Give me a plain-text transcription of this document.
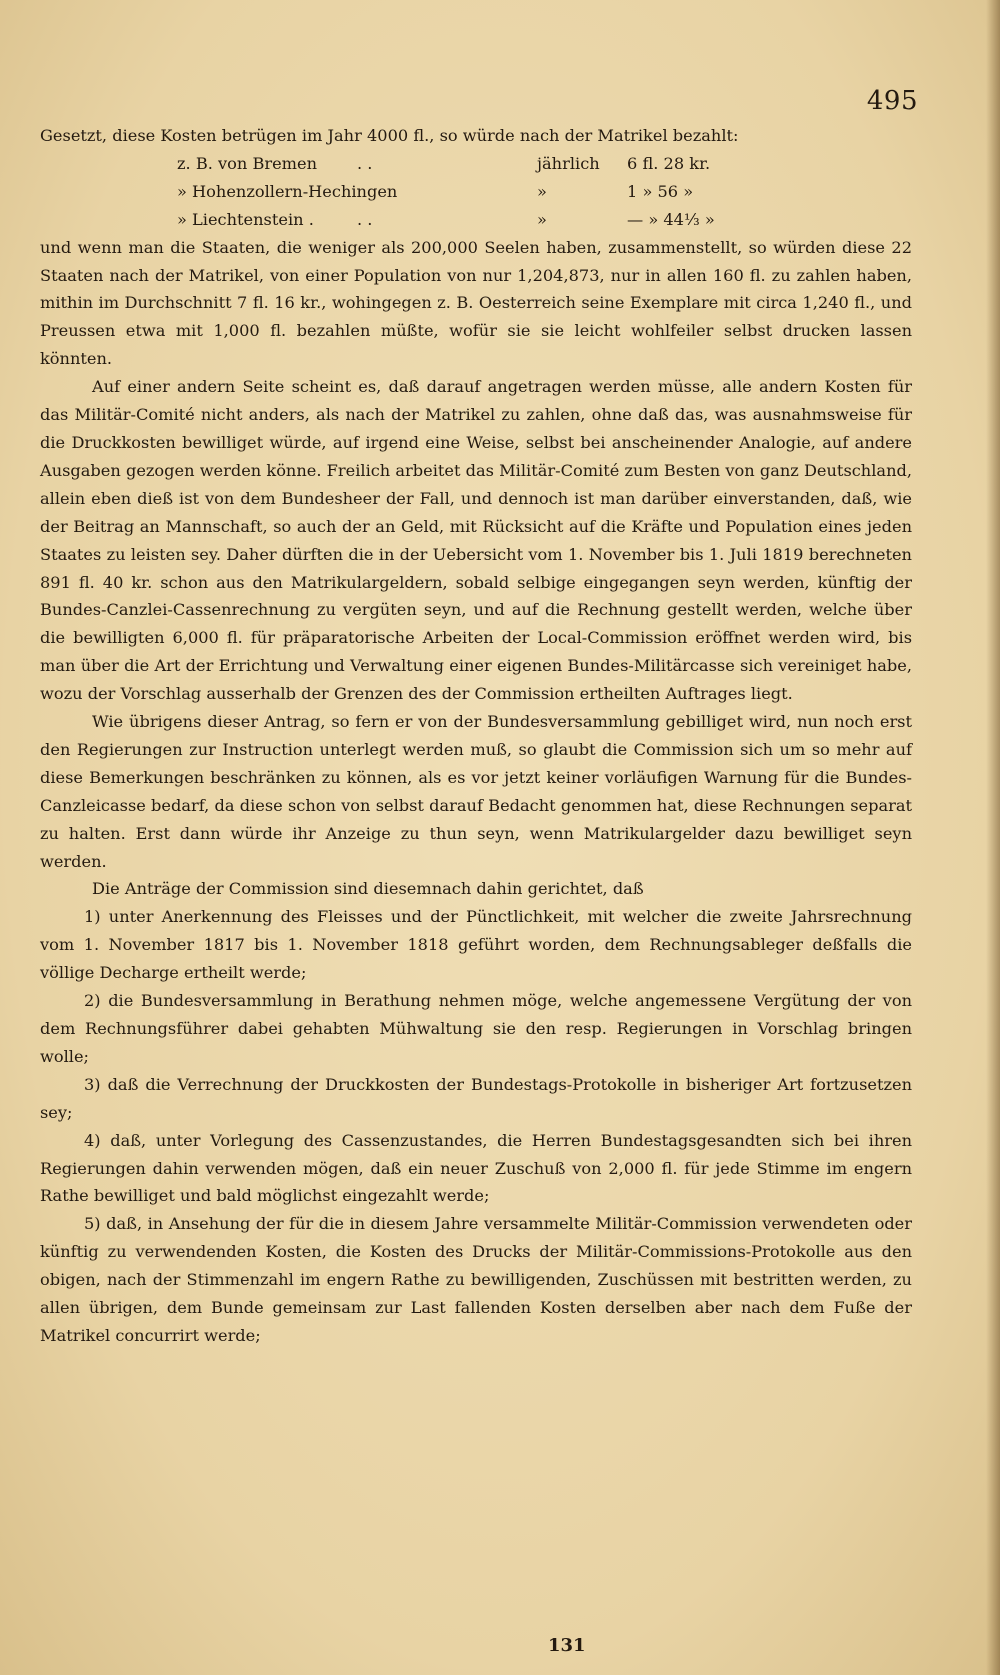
495

Gesetzt, diese Kosten betrügen im Jahr 4000 fl., so würde nach der Matrikel bezahlt:

z. B. von Bremen	. .	jährlich	6 fl. 28 kr.
» Hohenzollern-Hechingen	»	1 » 56 »
» Liechtenstein .	. .	»	— » 44⅓ »

und wenn man die Staaten, die weniger als 200,000 Seelen haben, zusammenstellt, so würden diese 22 Staaten nach der Matrikel, von einer Population von nur 1,204,873, nur in allen 160 fl. zu zahlen haben, mithin im Durchschnitt 7 fl. 16 kr., wohingegen z. B. Oesterreich seine Exemplare mit circa 1,240 fl., und Preussen etwa mit 1,000 fl. bezahlen müßte, wofür sie sie leicht wohlfeiler selbst drucken lassen könnten.

Auf einer andern Seite scheint es, daß darauf angetragen werden müsse, alle andern Kosten für das Militär-Comité nicht anders, als nach der Matrikel zu zahlen, ohne daß das, was ausnahmsweise für die Druckkosten bewilliget würde, auf irgend eine Weise, selbst bei anscheinender Analogie, auf andere Ausgaben gezogen werden könne. Freilich arbeitet das Militär-Comité zum Besten von ganz Deutschland, allein eben dieß ist von dem Bundesheer der Fall, und dennoch ist man darüber einverstanden, daß, wie der Beitrag an Mannschaft, so auch der an Geld, mit Rücksicht auf die Kräfte und Population eines jeden Staates zu leisten sey. Daher dürften die in der Uebersicht vom 1. November bis 1. Juli 1819 berechneten 891 fl. 40 kr. schon aus den Matrikulargeldern, sobald selbige eingegangen seyn werden, künftig der Bundes-Canzlei-Cassenrechnung zu vergüten seyn, und auf die Rechnung gestellt werden, welche über die bewilligten 6,000 fl. für präparatorische Arbeiten der Local-Commission eröffnet werden wird, bis man über die Art der Errichtung und Verwaltung einer eigenen Bundes-Militärcasse sich vereiniget habe, wozu der Vorschlag ausserhalb der Grenzen des der Commission ertheilten Auftrages liegt.

Wie übrigens dieser Antrag, so fern er von der Bundesversammlung gebilliget wird, nun noch erst den Regierungen zur Instruction unterlegt werden muß, so glaubt die Commission sich um so mehr auf diese Bemerkungen beschränken zu können, als es vor jetzt keiner vorläufigen Warnung für die Bundes-Canzleicasse bedarf, da diese schon von selbst darauf Bedacht genommen hat, diese Rechnungen separat zu halten. Erst dann würde ihr Anzeige zu thun seyn, wenn Matrikulargelder dazu bewilliget seyn werden.

Die Anträge der Commission sind diesemnach dahin gerichtet, daß

1) unter Anerkennung des Fleisses und der Pünctlichkeit, mit welcher die zweite Jahrsrechnung vom 1. November 1817 bis 1. November 1818 geführt worden, dem Rechnungsableger deßfalls die völlige Decharge ertheilt werde;

2) die Bundesversammlung in Berathung nehmen möge, welche angemessene Vergütung der von dem Rechnungsführer dabei gehabten Mühwaltung sie den resp. Regierungen in Vorschlag bringen wolle;

3) daß die Verrechnung der Druckkosten der Bundestags-Protokolle in bisheriger Art fortzusetzen sey;

4) daß, unter Vorlegung des Cassenzustandes, die Herren Bundestagsgesandten sich bei ihren Regierungen dahin verwenden mögen, daß ein neuer Zuschuß von 2,000 fl. für jede Stimme im engern Rathe bewilliget und bald möglichst eingezahlt werde;

5) daß, in Ansehung der für die in diesem Jahre versammelte Militär-Commission verwendeten oder künftig zu verwendenden Kosten, die Kosten des Drucks der Militär-Commissions-Protokolle aus den obigen, nach der Stimmenzahl im engern Rathe zu bewilligenden, Zuschüssen mit bestritten werden, zu allen übrigen, dem Bunde gemeinsam zur Last fallenden Kosten derselben aber nach dem Fuße der Matrikel concurrirt werde;

131
